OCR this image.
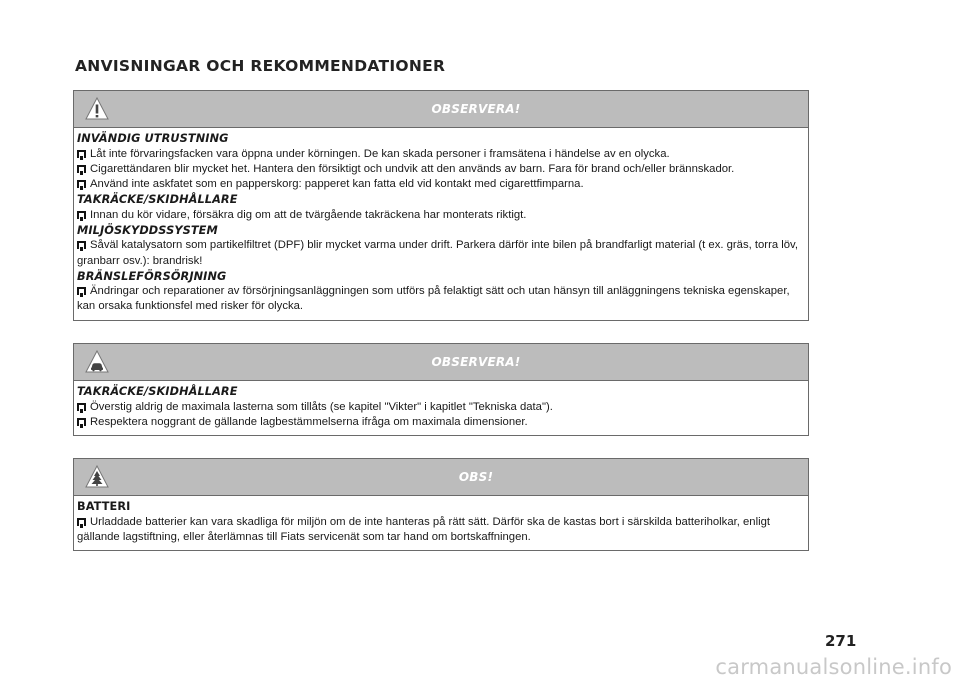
ANVISNINGAR OCH REKOMMENDATIONER
OBSERVERA!
INVÄNDIG UTRUSTNING

Låt inte förvaringsfacken vara öppna under körningen. De kan skada personer i framsätena i händelse av en olycka.

Cigarettändaren blir mycket het. Hantera den försiktigt och undvik att den används av barn. Fara för brand och/eller brännskador.

Använd inte askfatet som en papperskorg: papperet kan fatta eld vid kontakt med cigarettfimparna.

TAKRÄCKE/SKIDHÅLLARE

Innan du kör vidare, försäkra dig om att de tvärgående takräckena har monterats riktigt.

MILJÖSKYDDSSYSTEM

Såväl katalysatorn som partikelfiltret (DPF) blir mycket varma under drift. Parkera därför inte bilen på brandfarligt material (t ex. gräs, torra löv, granbarr osv.): brandrisk!

BRÄNSLEFÖRSÖRJNING

Ändringar och reparationer av försörjningsanläggningen som utförs på felaktigt sätt och utan hänsyn till anläggningens tekniska egenskaper, kan orsaka funktionsfel med risker för olycka.

OBSERVERA!
TAKRÄCKE/SKIDHÅLLARE

Överstig aldrig de maximala lasterna som tillåts (se kapitel "Vikter" i kapitlet "Tekniska data").

Respektera noggrant de gällande lagbestämmelserna ifråga om maximala dimensioner.

OBS!
BATTERI

Urladdade batterier kan vara skadliga för miljön om de inte hanteras på rätt sätt. Därför ska de kastas bort i särskilda batteriholkar, enligt gällande lagstiftning, eller återlämnas till Fiats servicenät som tar hand om bortskaffningen.

271
carmanualsonline.info
